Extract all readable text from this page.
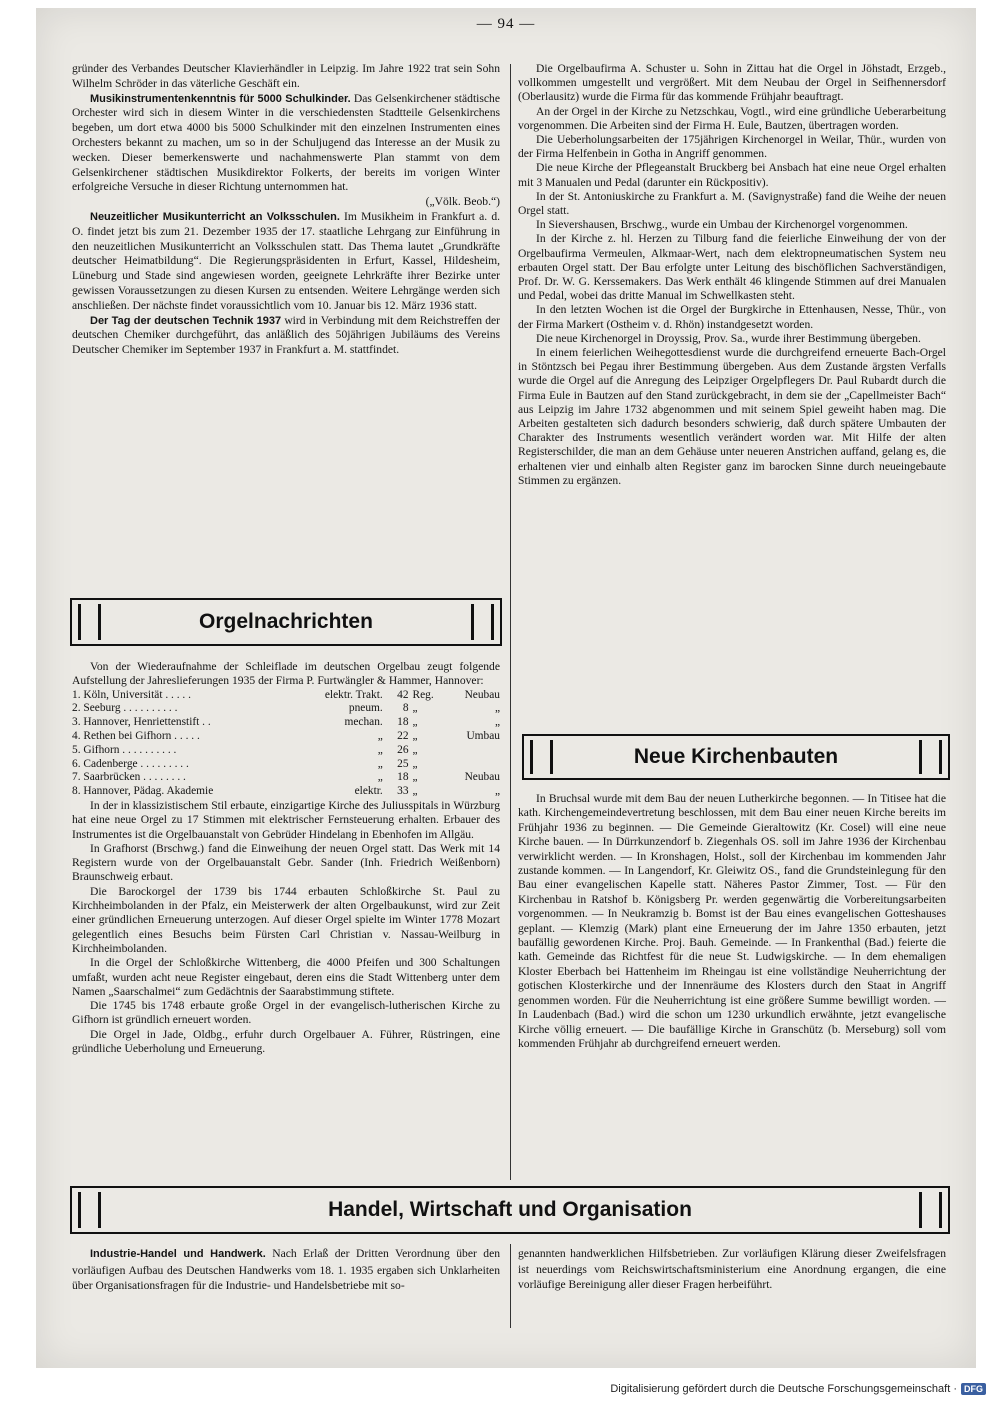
— 94 —

gründer des Verbandes Deutscher Klavierhändler in Leipzig. Im Jahre 1922 trat sein Sohn Wilhelm Schröder in das väterliche Geschäft ein.

Musikinstrumentenkenntnis für 5000 Schulkinder. Das Gelsenkirchener städtische Orchester wird sich in diesem Winter in die verschiedensten Stadtteile Gelsenkirchens begeben, um dort etwa 4000 bis 5000 Schulkinder mit den einzelnen Instrumenten eines Orchesters bekannt zu machen, um so in der Schuljugend das Interesse an der Musik zu wecken. Dieser bemerkenswerte und nachahmenswerte Plan stammt von dem Gelsenkirchener städtischen Musikdirektor Folkerts, der bereits im vorigen Winter erfolgreiche Versuche in dieser Richtung unternommen hat.

(„Völk. Beob.“)

Neuzeitlicher Musikunterricht an Volksschulen. Im Musikheim in Frankfurt a. d. O. findet jetzt bis zum 21. Dezember 1935 der 17. staatliche Lehrgang zur Einführung in den neuzeitlichen Musikunterricht an Volksschulen statt. Das Thema lautet „Grundkräfte deutscher Heimatbildung“. Die Regierungspräsidenten in Erfurt, Kassel, Hildesheim, Lüneburg und Stade sind angewiesen worden, geeignete Lehrkräfte ihrer Bezirke unter gewissen Voraussetzungen zu diesen Kursen zu entsenden. Weitere Lehrgänge werden sich anschließen. Der nächste findet voraussichtlich vom 10. Januar bis 12. März 1936 statt.

Der Tag der deutschen Technik 1937 wird in Verbindung mit dem Reichstreffen der deutschen Chemiker durchgeführt, das anläßlich des 50jährigen Jubiläums des Vereins Deutscher Chemiker im September 1937 in Frankfurt a. M. stattfindet.

Orgelnachrichten

Von der Wiederaufnahme der Schleiflade im deutschen Orgelbau zeugt folgende Aufstellung der Jahreslieferungen 1935 der Firma P. Furtwängler & Hammer, Hannover:

1. Köln, Universität . . . . .	elektr. Trakt.	42	Reg.	Neubau
2. Seeburg . . . . . . . . . .	pneum.	8	„	„
3. Hannover, Henriettenstift . .	mechan.	18	„	„
4. Rethen bei Gifhorn . . . . .	„	22	„	Umbau
5. Gifhorn . . . . . . . . . .	„	26	„	
6. Cadenberge . . . . . . . . .	„	25	„	
7. Saarbrücken . . . . . . . .	„	18	„	Neubau
8. Hannover, Pädag. Akademie	elektr.	33	„	„

In der in klassizistischem Stil erbaute, einzigartige Kirche des Juliusspitals in Würzburg hat eine neue Orgel zu 17 Stimmen mit elektrischer Fernsteuerung erhalten. Erbauer des Instrumentes ist die Orgelbauanstalt von Gebrüder Hindelang in Ebenhofen im Allgäu.

In Grafhorst (Brschwg.) fand die Einweihung der neuen Orgel statt. Das Werk mit 14 Registern wurde von der Orgelbauanstalt Gebr. Sander (Inh. Friedrich Weißenborn) Braunschweig erbaut.

Die Barockorgel der 1739 bis 1744 erbauten Schloßkirche St. Paul zu Kirchheimbolanden in der Pfalz, ein Meisterwerk der alten Orgelbaukunst, wird zur Zeit einer gründlichen Erneuerung unterzogen. Auf dieser Orgel spielte im Winter 1778 Mozart gelegentlich eines Besuchs beim Fürsten Carl Christian v. Nassau-Weilburg in Kirchheimbolanden.

In die Orgel der Schloßkirche Wittenberg, die 4000 Pfeifen und 300 Schaltungen umfaßt, wurden acht neue Register eingebaut, deren eins die Stadt Wittenberg unter dem Namen „Saarschalmei“ zum Gedächtnis der Saarabstimmung stiftete.

Die 1745 bis 1748 erbaute große Orgel in der evangelisch-lutherischen Kirche zu Gifhorn ist gründlich erneuert worden.

Die Orgel in Jade, Oldbg., erfuhr durch Orgelbauer A. Führer, Rüstringen, eine gründliche Ueberholung und Erneuerung.

Die Orgelbaufirma A. Schuster u. Sohn in Zittau hat die Orgel in Jöhstadt, Erzgeb., vollkommen umgestellt und vergrößert. Mit dem Neubau der Orgel in Seifhennersdorf (Oberlausitz) wurde die Firma für das kommende Frühjahr beauftragt.

An der Orgel in der Kirche zu Netzschkau, Vogtl., wird eine gründliche Ueberarbeitung vorgenommen. Die Arbeiten sind der Firma H. Eule, Bautzen, übertragen worden.

Die Ueberholungsarbeiten der 175jährigen Kirchenorgel in Weilar, Thür., wurden von der Firma Helfenbein in Gotha in Angriff genommen.

Die neue Kirche der Pflegeanstalt Bruckberg bei Ansbach hat eine neue Orgel erhalten mit 3 Manualen und Pedal (darunter ein Rückpositiv).

In der St. Antoniuskirche zu Frankfurt a. M. (Savignystraße) fand die Weihe der neuen Orgel statt.

In Sievershausen, Brschwg., wurde ein Umbau der Kirchenorgel vorgenommen.

In der Kirche z. hl. Herzen zu Tilburg fand die feierliche Einweihung der von der Orgelbaufirma Vermeulen, Alkmaar-Wert, nach dem elektropneumatischen System neu erbauten Orgel statt. Der Bau erfolgte unter Leitung des bischöflichen Sachverständigen, Prof. Dr. W. G. Kerssemakers. Das Werk enthält 46 klingende Stimmen auf drei Manualen und Pedal, wobei das dritte Manual im Schwellkasten steht.

In den letzten Wochen ist die Orgel der Burgkirche in Ettenhausen, Nesse, Thür., von der Firma Markert (Ostheim v. d. Rhön) instandgesetzt worden.

Die neue Kirchenorgel in Droyssig, Prov. Sa., wurde ihrer Bestimmung übergeben.

In einem feierlichen Weihegottesdienst wurde die durchgreifend erneuerte Bach-Orgel in Stöntzsch bei Pegau ihrer Bestimmung übergeben. Aus dem Zustande ärgsten Verfalls wurde die Orgel auf die Anregung des Leipziger Orgelpflegers Dr. Paul Rubardt durch die Firma Eule in Bautzen auf den Stand zurückgebracht, in dem sie der „Capellmeister Bach“ aus Leipzig im Jahre 1732 abgenommen und mit seinem Spiel geweiht haben mag. Die Arbeiten gestalteten sich dadurch besonders schwierig, daß durch spätere Umbauten der Charakter des Instruments wesentlich verändert worden war. Mit Hilfe der alten Registerschilder, die man an dem Gehäuse unter neueren Anstrichen auffand, gelang es, die erhaltenen vier und einhalb alten Register ganz im barocken Sinne durch neueingebaute Stimmen zu ergänzen.

Neue Kirchenbauten

In Bruchsal wurde mit dem Bau der neuen Lutherkirche begonnen. — In Titisee hat die kath. Kirchengemeindevertretung beschlossen, mit dem Bau einer neuen Kirche bereits im Frühjahr 1936 zu beginnen. — Die Gemeinde Gieraltowitz (Kr. Cosel) will eine neue Kirche bauen. — In Dürrkunzendorf b. Ziegenhals OS. soll im Jahre 1936 der Kirchenbau verwirklicht werden. — In Kronshagen, Holst., soll der Kirchenbau im kommenden Jahr zustande kommen. — In Langendorf, Kr. Gleiwitz OS., fand die Grundsteinlegung für den Bau einer evangelischen Kapelle statt. Näheres Pastor Zimmer, Tost. — Für den Kirchenbau in Ratshof b. Königsberg Pr. werden gegenwärtig die Vorbereitungsarbeiten vorgenommen. — In Neukramzig b. Bomst ist der Bau eines evangelischen Gotteshauses geplant. — Klemzig (Mark) plant eine Erneuerung der im Jahre 1350 erbauten, jetzt baufällig gewordenen Kirche. Proj. Bauh. Gemeinde. — In Frankenthal (Bad.) feierte die kath. Gemeinde das Richtfest für die neue St. Ludwigskirche. — In dem ehemaligen Kloster Eberbach bei Hattenheim im Rheingau ist eine vollständige Neuherrichtung der gotischen Klosterkirche und der Innenräume des Klosters durch den Staat in Angriff genommen worden. Für die Neuherrichtung ist eine größere Summe bewilligt worden. — In Laudenbach (Bad.) wird die schon um 1230 urkundlich erwähnte, jetzt evangelische Kirche völlig erneuert. — Die baufällige Kirche in Granschütz (b. Merseburg) soll vom kommenden Frühjahr ab durchgreifend erneuert werden.

Handel, Wirtschaft und Organisation

Industrie-Handel und Handwerk. Nach Erlaß der Dritten Verordnung über den vorläufigen Aufbau des Deutschen Handwerks vom 18. 1. 1935 ergaben sich Unklarheiten über Organisationsfragen für die Industrie- und Handelsbetriebe mit so-

genannten handwerklichen Hilfsbetrieben. Zur vorläufigen Klärung dieser Zweifelsfragen ist neuerdings vom Reichswirtschaftsministerium eine Anordnung ergangen, die eine vorläufige Bereinigung aller dieser Fragen herbeiführt.

Digitalisierung gefördert durch die Deutsche Forschungsgemeinschaft · DFG
